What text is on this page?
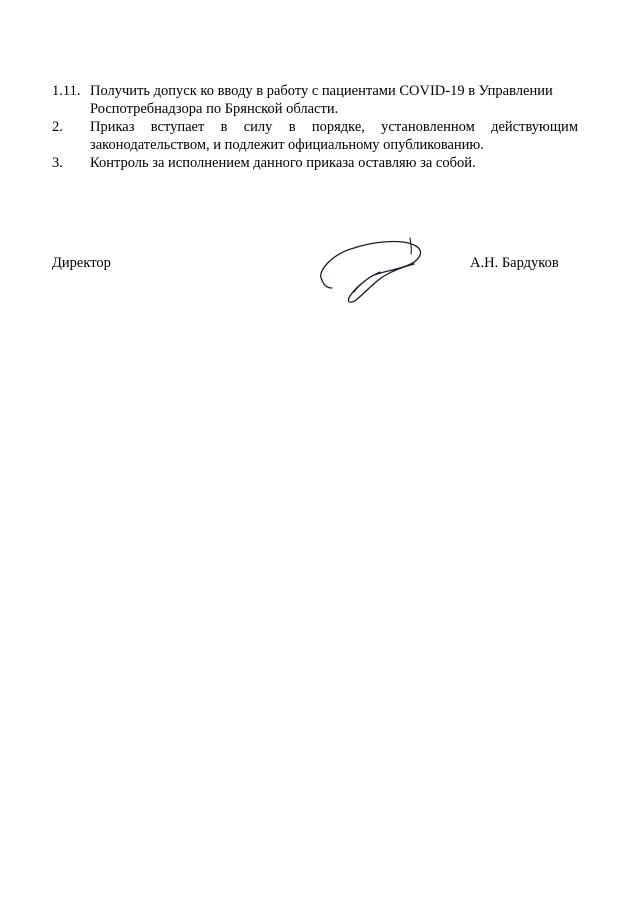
1.11. Получить допуск ко вводу в работу с пациентами COVID-19 в Управлении Роспотребнадзора по Брянской области.
2.	Приказ вступает в силу в порядке, установленном действующим законодательством, и подлежит официальному опубликованию.
3.	Контроль за исполнением данного приказа оставляю за собой.
Директор	А.Н. Бардуков
